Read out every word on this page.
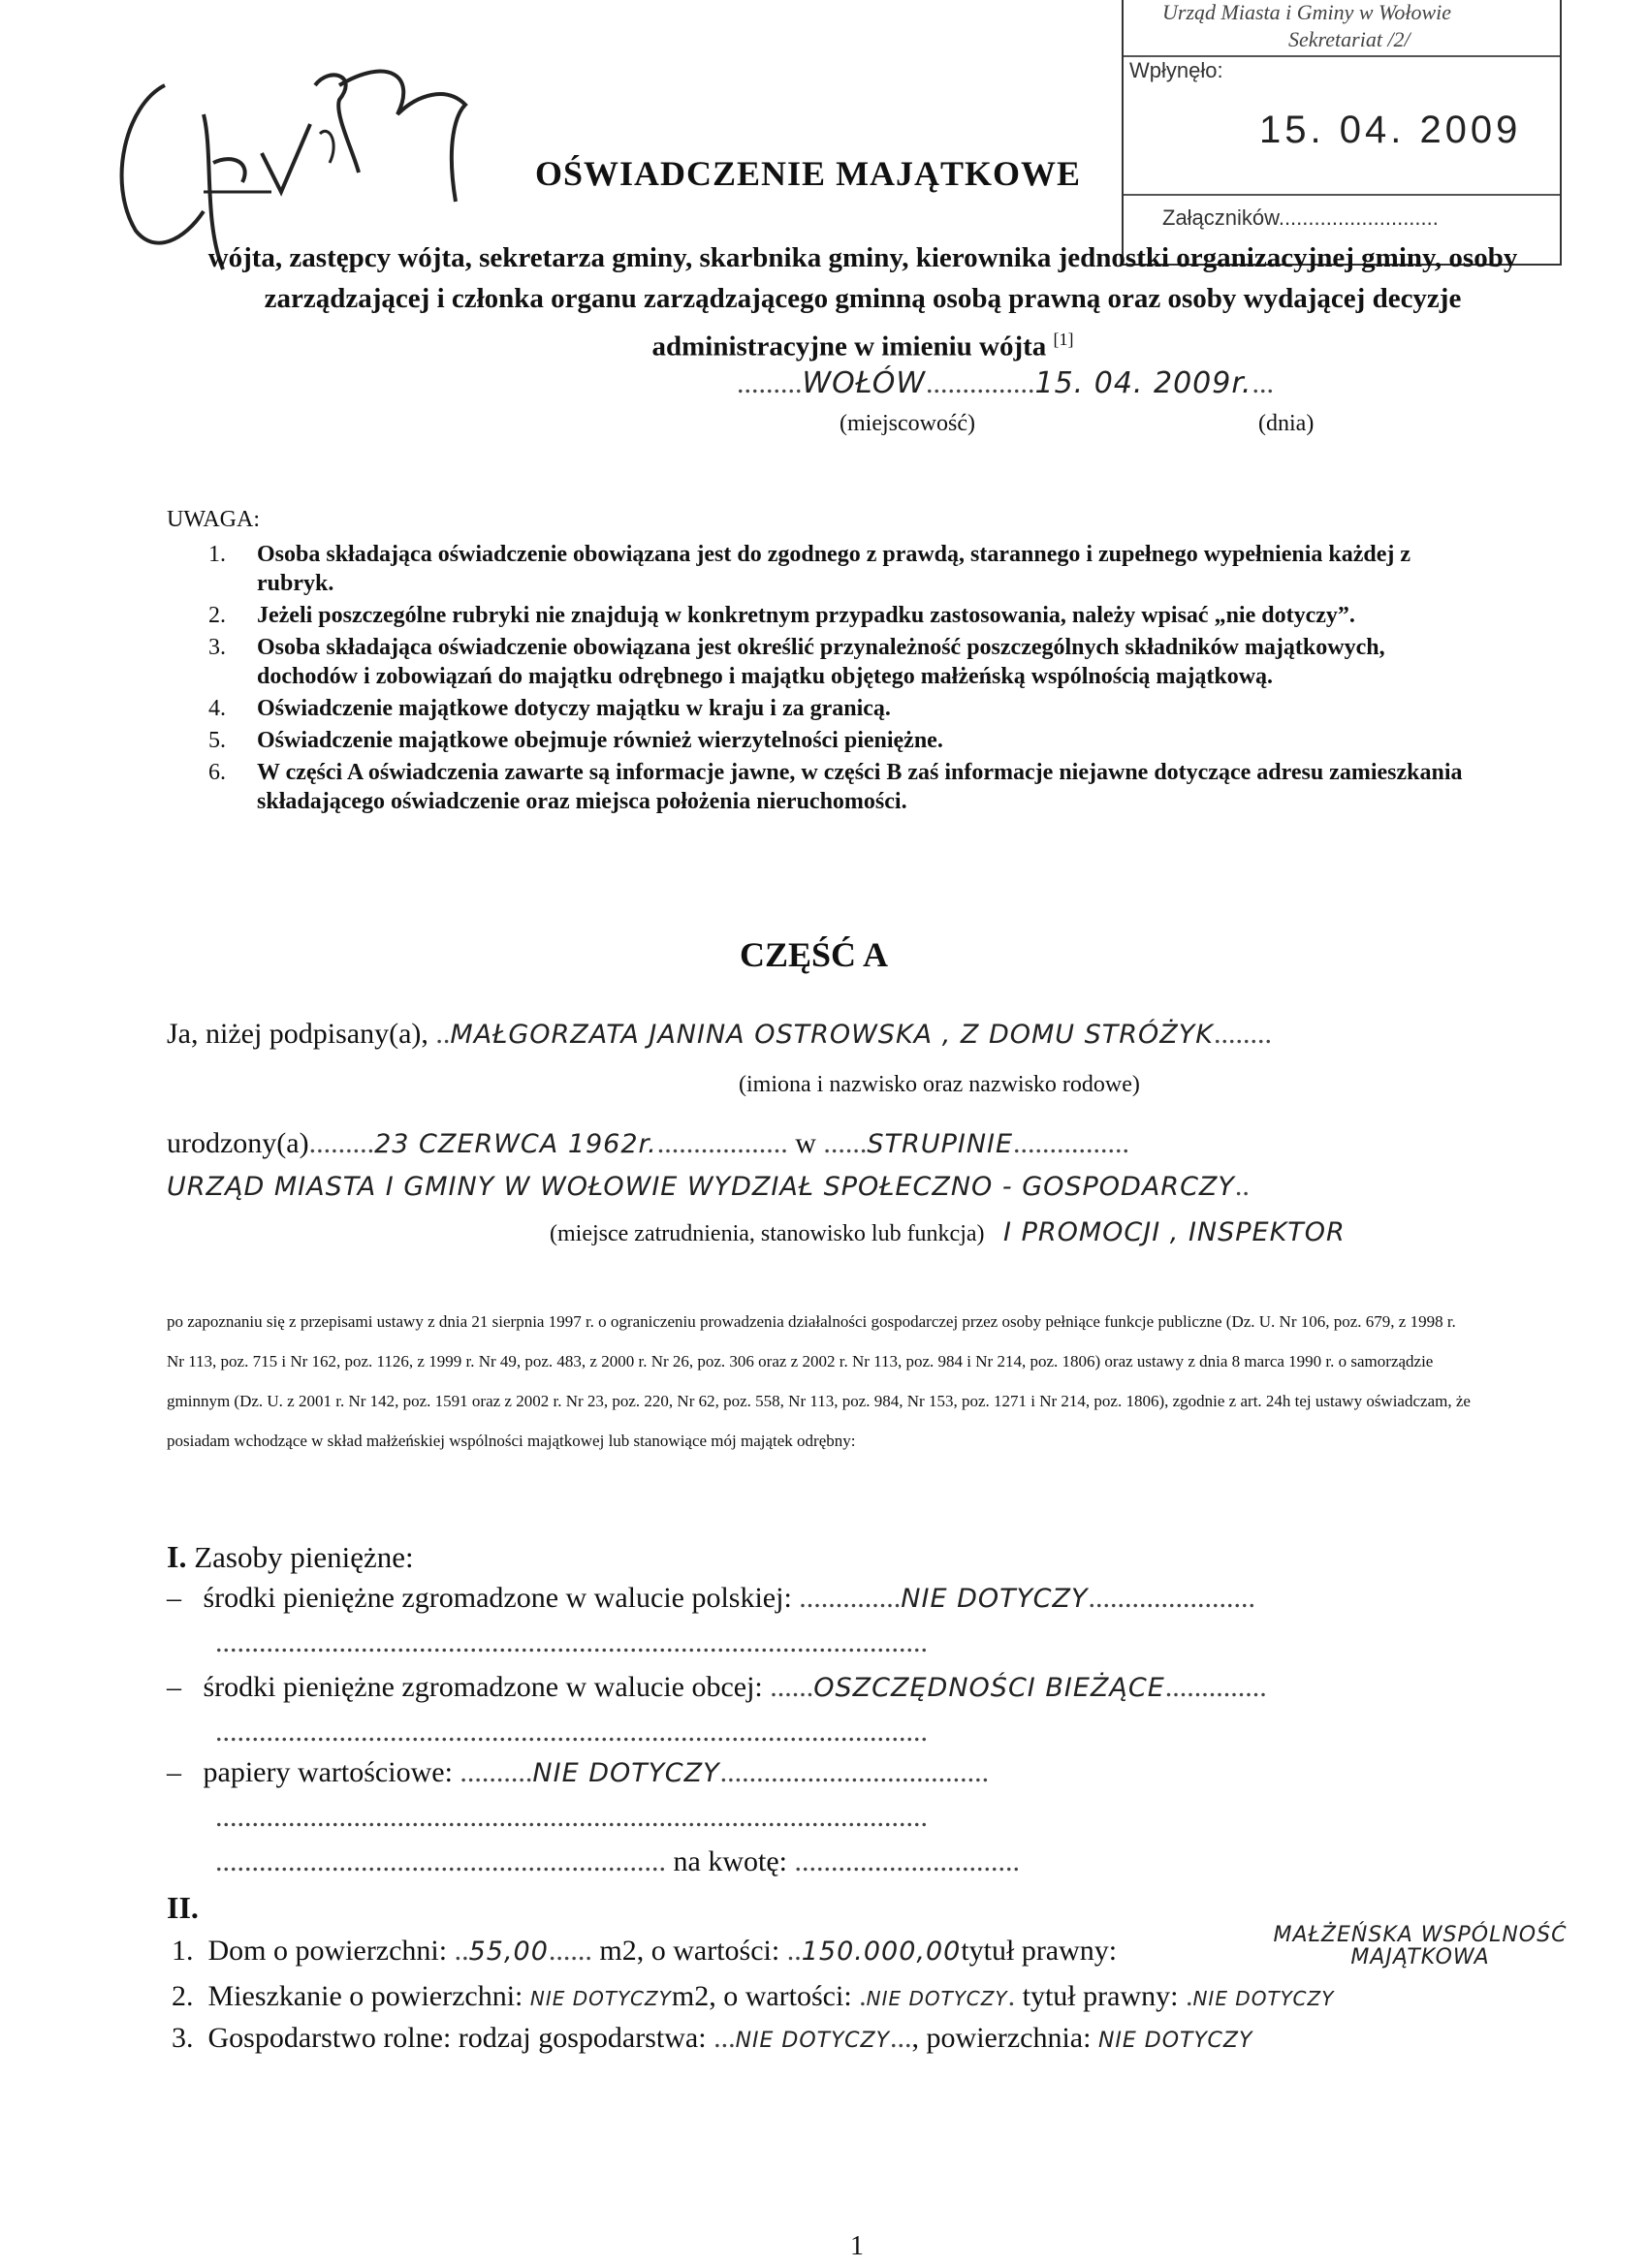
Urząd Miasta i Gminy w Wołowie
Sekretariat /2/
Wpłynęło:
15. 04. 2009
Załączników...........................
OŚWIADCZENIE MAJĄTKOWE
wójta, zastępcy wójta, sekretarza gminy, skarbnika gminy, kierownika jednostki organizacyjnej gminy, osoby zarządzającej i członka organu zarządzającego gminną osobą prawną oraz osoby wydającej decyzje administracyjne w imieniu wójta [1]
.........WOŁÓW...............15. 04. 2009r....
(miejscowość)	(dnia)
UWAGA:
1. Osoba składająca oświadczenie obowiązana jest do zgodnego z prawdą, starannego i zupełnego wypełnienia każdej z rubryk.
2. Jeżeli poszczególne rubryki nie znajdują w konkretnym przypadku zastosowania, należy wpisać „nie dotyczy”.
3. Osoba składająca oświadczenie obowiązana jest określić przynależność poszczególnych składników majątkowych, dochodów i zobowiązań do majątku odrębnego i majątku objętego małżeńską wspólnością majątkową.
4. Oświadczenie majątkowe dotyczy majątku w kraju i za granicą.
5. Oświadczenie majątkowe obejmuje również wierzytelności pieniężne.
6. W części A oświadczenia zawarte są informacje jawne, w części B zaś informacje niejawne dotyczące adresu zamieszkania składającego oświadczenie oraz miejsca położenia nieruchomości.
CZĘŚĆ A
Ja, niżej podpisany(a), ..MAŁGORZATA JANINA OSTROWSKA , Z DOMU STRÓŻYK........
(imiona i nazwisko oraz nazwisko rodowe)
urodzony(a).........23 CZERWCA 1962r................... w ......STRUPINIE................
URZĄD MIASTA I GMINY W WOŁOWIE WYDZIAŁ SPOŁECZNO - GOSPODARCZY..
(miejsce zatrudnienia, stanowisko lub funkcja) I PROMOCJI , INSPEKTOR
po zapoznaniu się z przepisami ustawy z dnia 21 sierpnia 1997 r. o ograniczeniu prowadzenia działalności gospodarczej przez osoby pełniące funkcje publiczne (Dz. U. Nr 106, poz. 679, z 1998 r. Nr 113, poz. 715 i Nr 162, poz. 1126, z 1999 r. Nr 49, poz. 483, z 2000 r. Nr 26, poz. 306 oraz z 2002 r. Nr 113, poz. 984 i Nr 214, poz. 1806) oraz ustawy z dnia 8 marca 1990 r. o samorządzie gminnym (Dz. U. z 2001 r. Nr 142, poz. 1591 oraz z 2002 r. Nr 23, poz. 220, Nr 62, poz. 558, Nr 113, poz. 984, Nr 153, poz. 1271 i Nr 214, poz. 1806), zgodnie z art. 24h tej ustawy oświadczam, że posiadam wchodzące w skład małżeńskiej wspólności majątkowej lub stanowiące mój majątek odrębny:
I. Zasoby pieniężne:
–   środki pieniężne zgromadzone w walucie polskiej: ..............NIE DOTYCZY.......................
..................................................................................................
–   środki pieniężne zgromadzone w walucie obcej: ......OSZCZĘDNOŚCI BIEŻĄCE..............
..................................................................................................
–   papiery wartościowe: ..........NIE DOTYCZY.....................................
..................................................................................................
.............................................................. na kwotę: ...............................
II.
1. Dom o powierzchni: ..55,00...... m2, o wartości: ..150.000,00tytuł prawny:	MAŁŻEŃSKA WSPÓLNOŚĆ MAJĄTKOWA
2. Mieszkanie o powierzchni: NIE DOTYCZYm2, o wartości: .NIE DOTYCZY. tytuł prawny: .NIE DOTYCZY
3. Gospodarstwo rolne: rodzaj gospodarstwa: ...NIE DOTYCZY..., powierzchnia: NIE DOTYCZY
1
